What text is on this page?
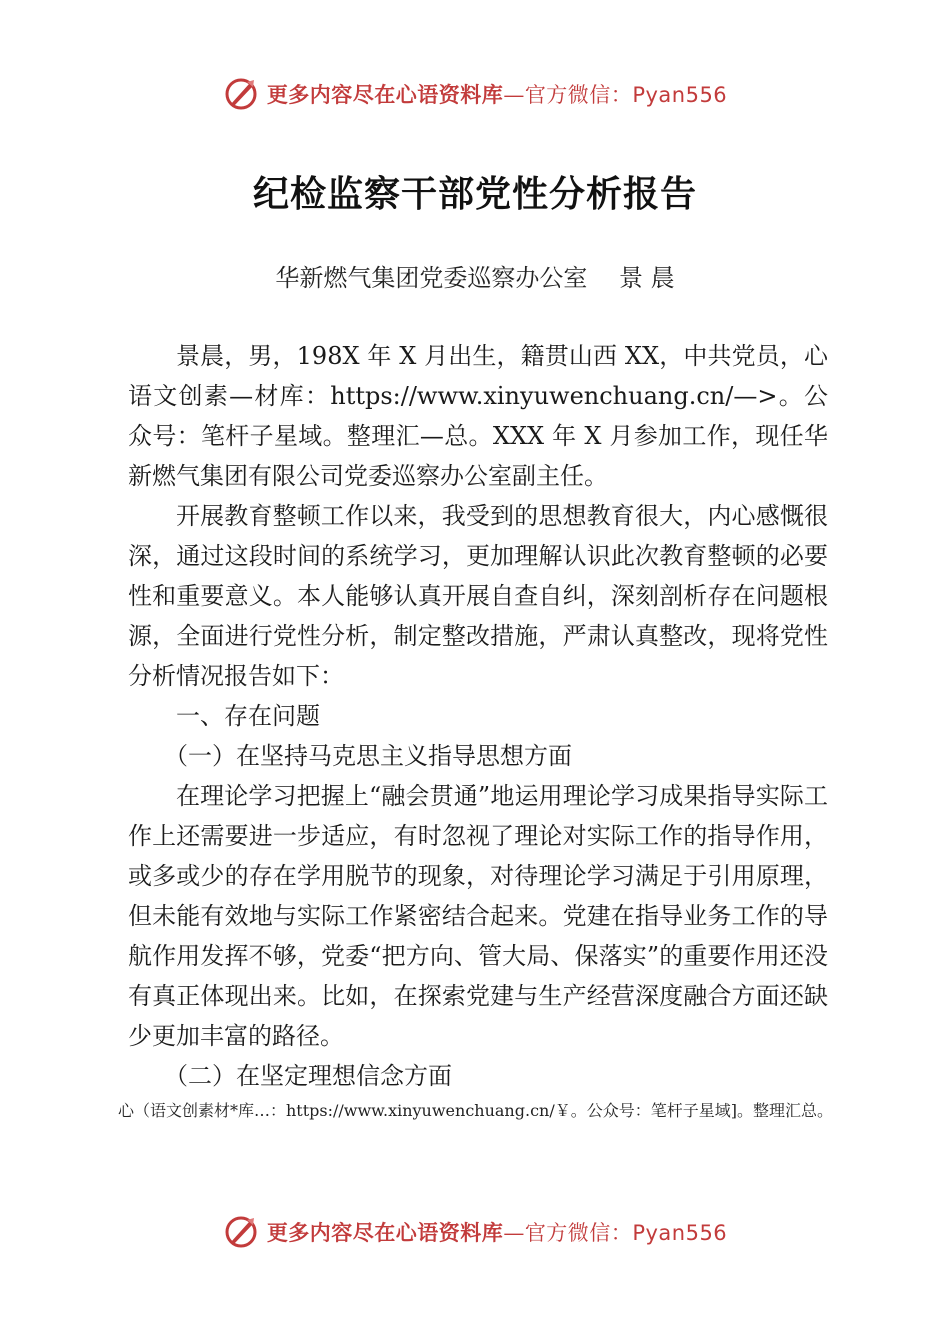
更多内容尽在心语资料库—官方微信：Pyan556
纪检监察干部党性分析报告
华新燃气集团党委巡察办公室　 景 晨

景晨，男，198X 年 X 月出生，籍贯山西 XX，中共党员，心语文创素—材库：https://www.xinyuwenchuang.cn/—>。公众号：笔杆子星域。整理汇—总。XXX 年 X 月参加工作，现任华新燃气集团有限公司党委巡察办公室副主任。

开展教育整顿工作以来，我受到的思想教育很大，内心感慨很深，通过这段时间的系统学习，更加理解认识此次教育整顿的必要性和重要意义。本人能够认真开展自查自纠，深刻剖析存在问题根源，全面进行党性分析，制定整改措施，严肃认真整改，现将党性分析情况报告如下：

一、存在问题

（一）在坚持马克思主义指导思想方面

在理论学习把握上“融会贯通”地运用理论学习成果指导实际工作上还需要进一步适应，有时忽视了理论对实际工作的指导作用，或多或少的存在学用脱节的现象，对待理论学习满足于引用原理，但未能有效地与实际工作紧密结合起来。党建在指导业务工作的导航作用发挥不够，党委“把方向、管大局、保落实”的重要作用还没有真正体现出来。比如，在探索党建与生产经营深度融合方面还缺少更加丰富的路径。

（二）在坚定理想信念方面

心（语文创素材*库…：https://www.xinyuwenchuang.cn/￥。公众号：笔杆子星域]。整理汇总。
更多内容尽在心语资料库—官方微信：Pyan556
